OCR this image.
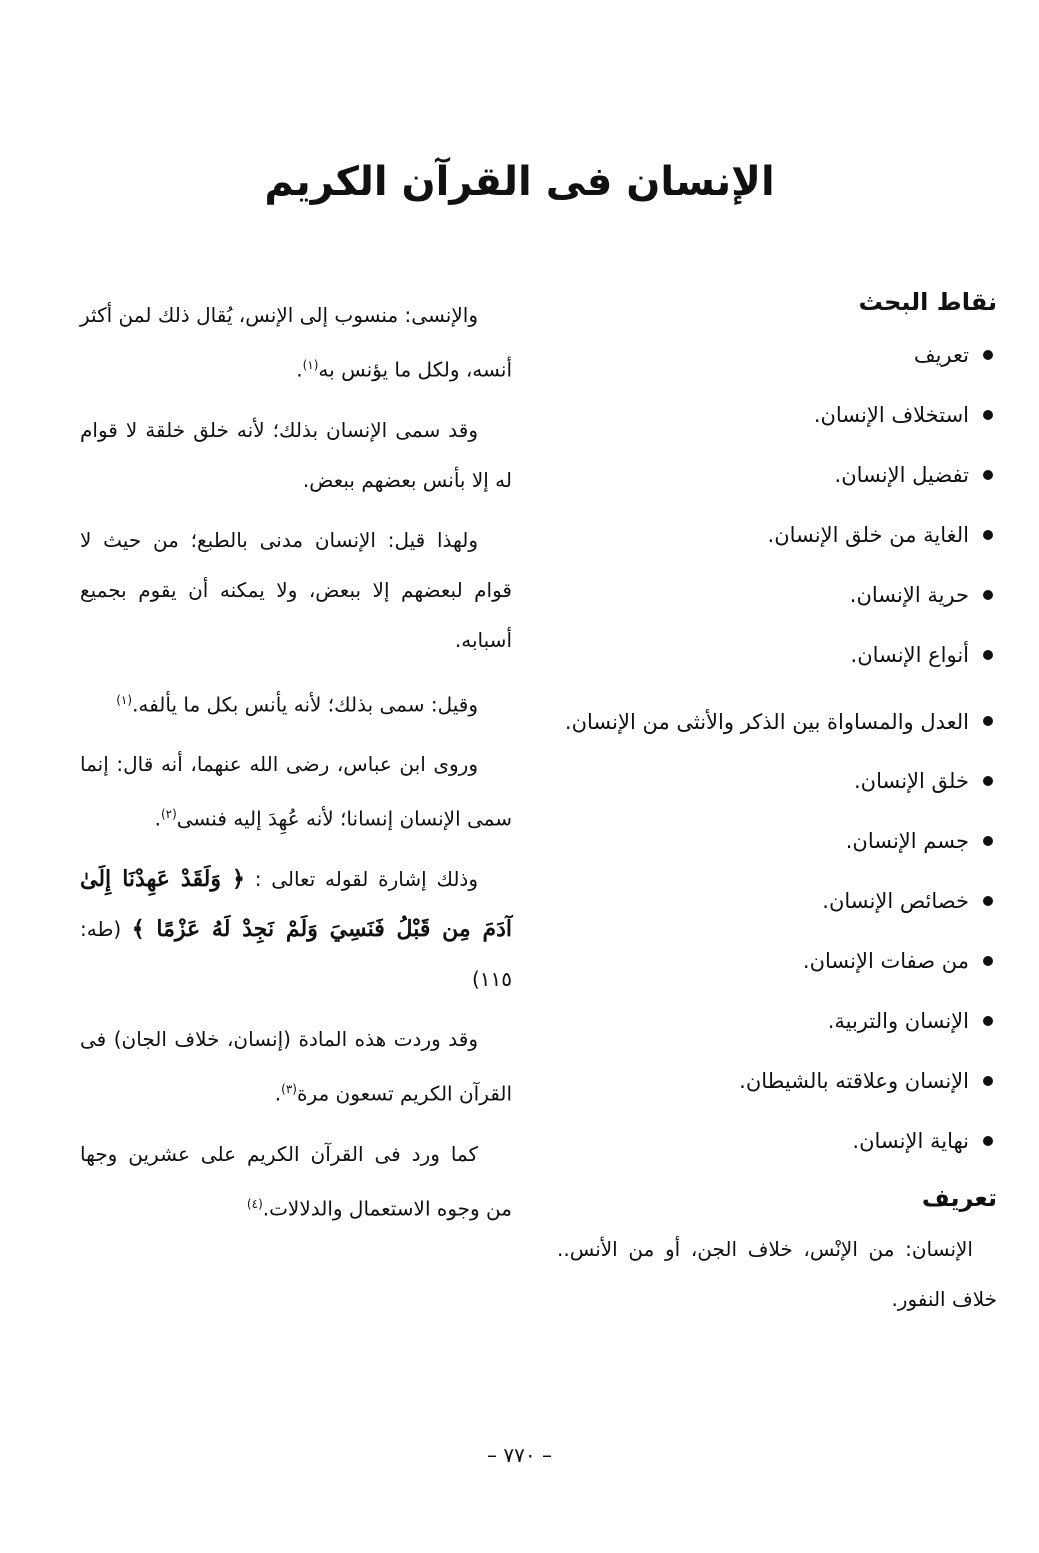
الإنسان فى القرآن الكريم
نقاط البحث
تعريف
استخلاف الإنسان.
تفضيل الإنسان.
الغاية من خلق الإنسان.
حرية الإنسان.
أنواع الإنسان.
العدل والمساواة بين الذكر والأنثى من الإنسان.
خلق الإنسان.
جسم الإنسان.
خصائص الإنسان.
من صفات الإنسان.
الإنسان والتربية.
الإنسان وعلاقته بالشيطان.
نهاية الإنسان.
تعريف

الإنسان: من الإنْس، خلاف الجن، أو من الأنس.. خلاف النفور.

والإنسى: منسوب إلى الإنس، يُقال ذلك لمن أكثر أنسه، ولكل ما يؤنس به$^{(١)}$.

وقد سمى الإنسان بذلك؛ لأنه خلق خلقة لا قوام له إلا بأنس بعضهم ببعض.

ولهذا قيل: الإنسان مدنى بالطبع؛ من حيث لا قوام لبعضهم إلا ببعض، ولا يمكنه أن يقوم بجميع أسبابه.

وقيل: سمى بذلك؛ لأنه يأنس بكل ما يألفه.$^{(١)}$

وروى ابن عباس، رضى الله عنهما، أنه قال: إنما سمى الإنسان إنسانا؛ لأنه عُهِدَ إليه فنسى$^{(٢)}$.

وذلك إشارة لقوله تعالى : ﴿ وَلَقَدْ عَهِدْنَا إِلَىٰ آدَمَ مِن قَبْلُ فَنَسِيَ وَلَمْ نَجِدْ لَهُ عَزْمًا ﴾ (طه: ١١٥)

وقد وردت هذه المادة (إنسان، خلاف الجان) فى القرآن الكريم تسعون مرة$^{(٣)}$.

كما ورد فى القرآن الكريم على عشرين وجها من وجوه الاستعمال والدلالات.$^{(٤)}$

– ٧٧٠ –
